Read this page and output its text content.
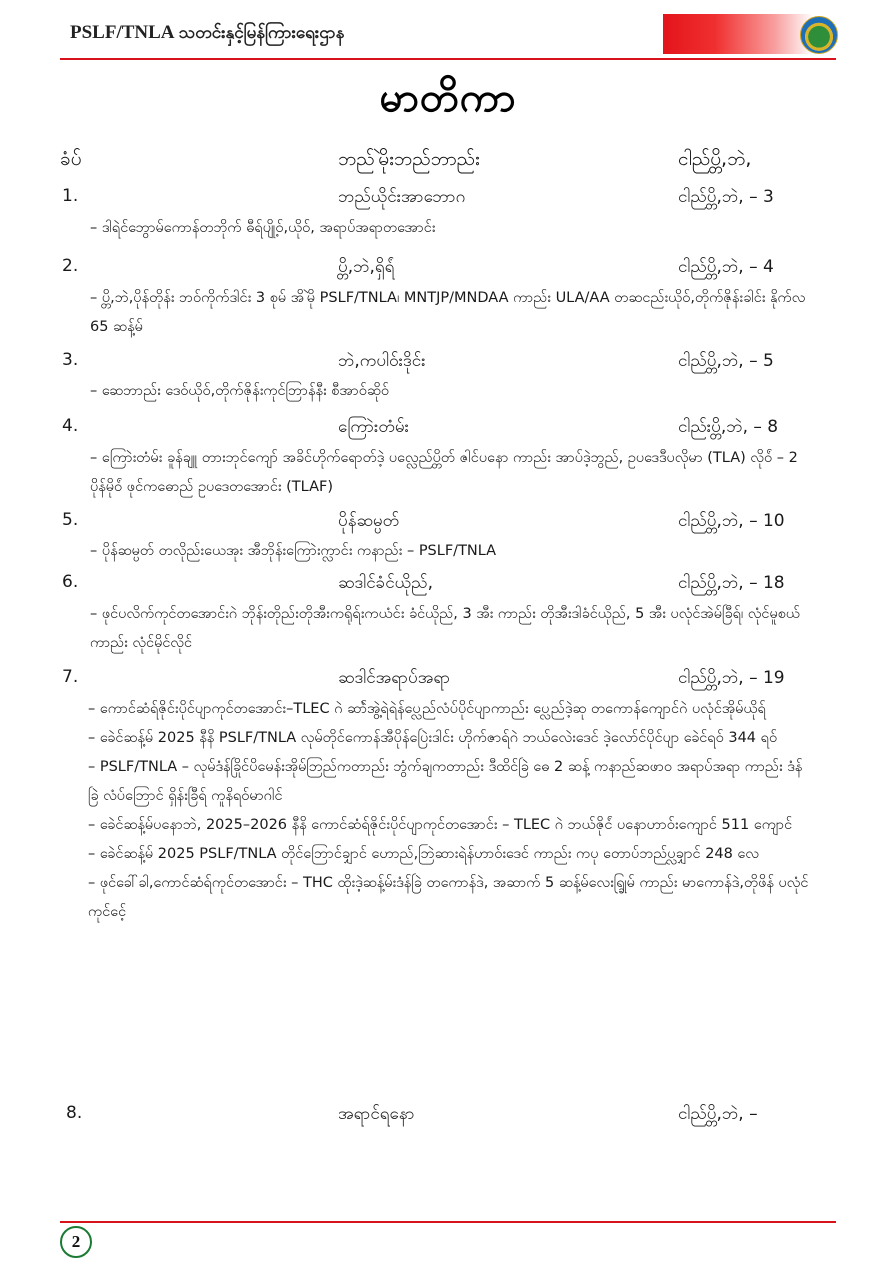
PSLF/TNLA သတင်းနှင့်မြန်ကြားရေးဌာန
မာတိကာ
ခံပ်	ဘည်မိုဲးဘည်ဘာည်း	ငါည်ပ္တိ,ဘဲ,
1.	ဘည်ယိုင်းအာဘောဂ	ငါည်ပ္တိ,ဘဲ, – 3

– ဒါရဲင်ဘွောမ်ကောန်တဘိုက် ဓီရ်ပျို့ဝ်,ယိုဝ်, အရာပ်အရာတအောင်း

2.	ပ္တိ,ဘဲ,ရှိရ်ံ	ငါည်ပ္တိ,ဘဲ, – 4

– ပ္တိ,ဘဲ,ပိုန်တိုန်း ဘဝ်ကိုက်ဒါင်း 3 စုမ် အိမိုဲ PSLF/TNLA၊ MNTJP/MNDAA ကာည်း ULA/AA တဆငည်းယိုဝ်,တိုက်ဇိုန်းခါင်း နိုက်လ 65 ဆန့်မ်

3.	ဘဲ,ကပါဝ်းဒိုင်း	ငါည်ပ္တိ,ဘဲ, – 5

– ဆေဘာည်း ဒေဝ်ယိုဝ်,တိုက်ဇိုန်းကုင်ဘြာန်နီး စီအာဝ်ဆိုဝ်

4.	ကြောဲးတံမ်း	ငါည်းပ္တိ,ဘဲ, – 8

– ကြောဲးတံမ်း ခူန်ချူ တားဘုင်ကျော် အခိင်ဟိုက်ရောတ်ဒဲ့ ပလ္လေည်ပ္တိတ် ဇါင်ပနော ကာည်း အာပ်ဒဲ့ဘွည်, ဥပဒေဒီပလိုမာ (TLA) လိုဝ်ံ – 2 ပိုန်မိုဝ်ံ ဖုင်ကဓောည် ဥပဒေတအောင်း (TLAF)

5.	ပိုန်ဆမ္ပတ်	ငါည်ပ္တိ,ဘဲ, – 10

– ပိုန်ဆမ္ပတ် တလိုည်းယေအုး အီဘိုန်းကြောဲးက္လာင်း ကနာည်း – PSLF/TNLA

6.	ဆဒါင်ခံင်ယိုည်,	ငါည်ပ္တိ,ဘဲ, – 18

– ဖုင်ပလိက်ကုင်တအောင်းဂဲ ဘိုန်းတိုည်းတိုအီးကရိုရ်းကယံင်း ခံင်ယိုည်, 3 အီး ကာည်း တိုအီးဒါခံင်ယိုည်, 5 အီး ပလုံင်အဲမ်ခြီရ်၊ လုံင်မူစယ် ကာည်း လုံင်မိုင်လိုင်

7.	ဆဒါင်အရာပ်အရာ	ငါည်ပ္တိ,ဘဲ, – 19

– ကောင်ဆံရ်ဇိုင်းပိုင်ပျာကုင်တအောင်း–TLEC ဂဲ ဆာ်ဲအွဲ့ရဲရဲန်ပ္လေည်လံပ်ပိုင်ပျာကာည်း ပ္လေည်ဒဲ့ဆု တကောန်ကျောင်ဂဲ ပလုံင်အိုမ်ယိုရ်

– ခေဲင်ဆန့်မ် 2025 နီနိ PSLF/TNLA လုမ်တိုင်ကောန်အီပိုန်ပြေဲးဒါင်း ဟိုက်ဇာရ်ဂဲ ဘယ်လေဲးဒေင် ဒဲ့လော်င်ပိုင်ပျာ ခေဲင်ရဝ် 344 ရဝ်

– PSLF/TNLA – လုမ်ဒံန်ခြိုင်ပိမေန်းအိုမ်ဘြည်ကတာည်း ဘွံက်ချကတာည်း ဒီထိင်ခြဲ ဓေ 2 ဆန့် ကနာည်ဆဖာ၀ အရာပ်အရာ ကာည်း ဒံန်ခြဲ လံပ်ဘြောင် ရှိန်းခြီရ် ကူနိရဝ်မာဂါင်

– ခေဲင်ဆန့်မ်ပနောဘဲ, 2025–2026 နီနိ ကောင်ဆံရ်ဇိုင်းပိုင်ပျာကုင်တအောင်း – TLEC ဂဲ ဘယ်ဇိုင်ံ ပနောဟာဝ်းကျောင် 511 ကျောင်

– ခေဲင်ဆန့်မ် 2025 PSLF/TNLA တိုင်ဘြောင်ချှာင် ဟောည်,ဘြဲဆားရဲန်ဟာဝ်းဒေင် ကာည်း ကပု တောပ်ဘည်ပ္လချှာင် 248 လေ

– ဖုင်ခေါ်ခါ,ကောင်ဆံရ်ကုင်တအောင်း – THC ထိုးဒဲ့ဆန့်မ်းဒံန်ခြဲ တကောန်ဒဲ, အဆာက် 5 ဆန့်မ်လေးရ္ခြုမ် ကာည်း မာကောန်ဒဲ,တိုဖိန် ပလုံင်ကုင်ငေ့်

8.	အရာင်ရနော	ငါည်ပ္တိ,ဘဲ, –
2
